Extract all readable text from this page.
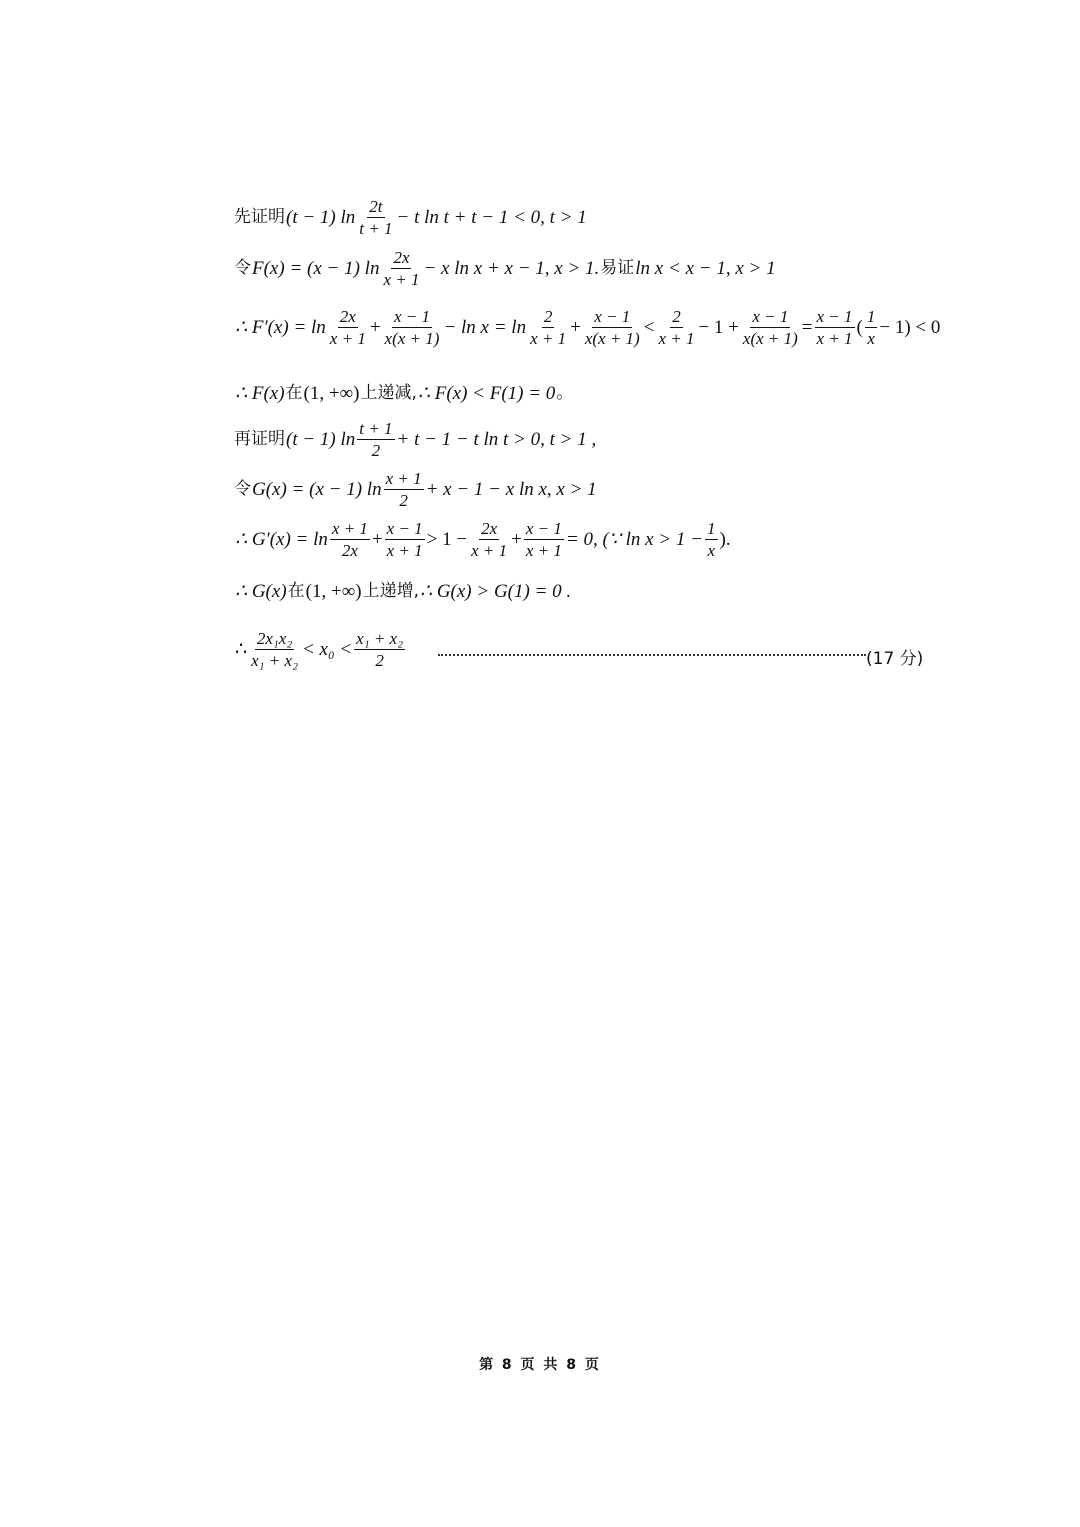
先证明 (t − 1) $\ln \frac{2t}{t + 1} - t$ ln t + t − 1 < 0, t > 1
令 F(x) = (x − 1) $\ln \frac{2x}{x + 1} - x$ ln x + x − 1, x > 1. 易证 ln x < x − 1, x > 1
∴ $F'(x) = \ln \frac{2x}{x + 1} + \frac{x - 1}{x(x + 1)} - \ln x = \ln \frac{2}{x + 1} + \frac{x - 1}{x(x + 1)} < \frac{2}{x + 1} - 1 + \frac{x - 1}{x(x + 1)} = \frac{x - 1}{x + 1}$ ( $\frac{1}{x} - 1) < 0$
∴ F(x) 在 (1, +∞) 上递减, ∴ F(x) < F(1) = 0 。
再证明 (t − 1) $\ln \frac{t + 1}{2} + t - 1 - t$ ln t > 0, t > 1 ,
令 G(x) = (x − 1) $\ln \frac{x + 1}{2} + x - 1 - x$ ln x, x > 1
∴ $G'(x) = \ln \frac{x + 1}{2x} + \frac{x - 1}{x + 1} > 1 - \frac{2x}{x + 1} + \frac{x - 1}{x + 1} = 0$, (∵ $\ln x > 1 - \frac{1}{x}$ ).
∴ G(x) 在 (1, +∞) 上递增, ∴ G(x) > G(1) = 0 .
∴ $\frac{\text{2x₁x₂}}{\text{x₁ + x₂}} < x_0 < \frac{\text{x₁ + x₂}}{2}$	(17 分)
第 8 页 共 8 页
